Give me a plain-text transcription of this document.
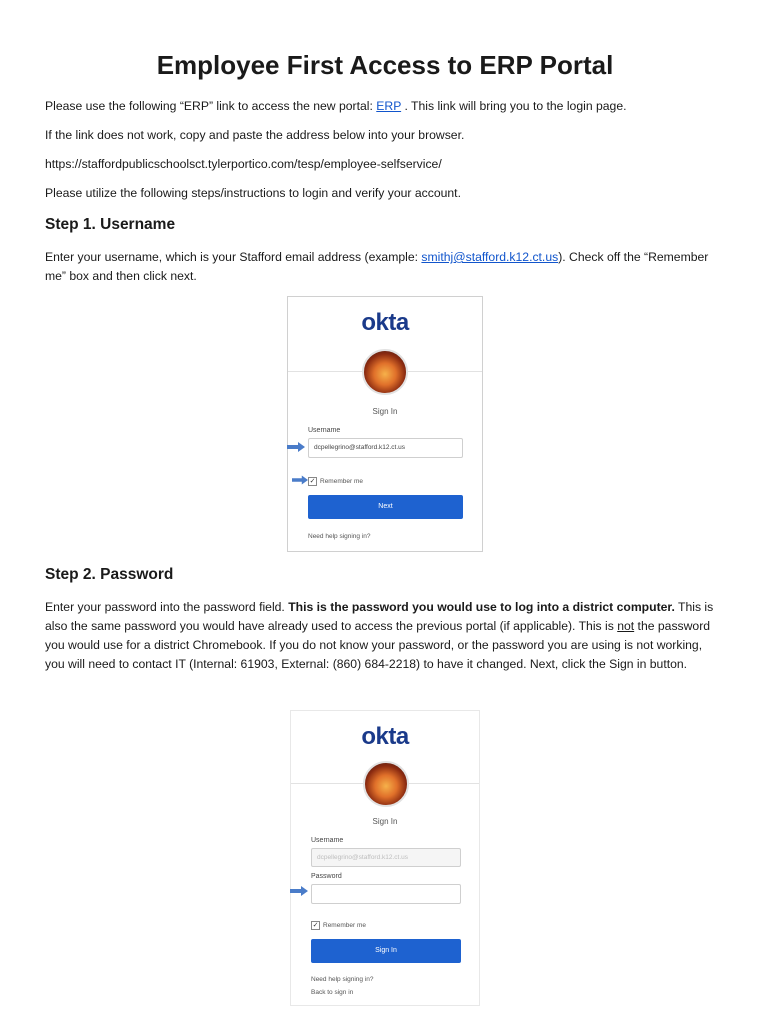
Employee First Access to ERP Portal

Please use the following “ERP” link to access the new portal: ERP . This link will bring you to the login page.

If the link does not work, copy and paste the address below into your browser.

https://staffordpublicschoolsct.tylerportico.com/tesp/employee-selfservice/

Please utilize the following steps/instructions to login and verify your account.

Step 1. Username

Enter your username, which is your Stafford email address (example: smithj@stafford.k12.ct.us). Check off the “Remember me” box and then click next.

Step 2. Password

Enter your password into the password field. This is the password you would use to log into a district computer. This is also the same password you would have already used to access the previous portal (if applicable). This is not the password you would use for a district Chromebook. If you do not know your password, or the password you are using is not working, you will need to contact IT (Internal: 61903, External: (860) 684-2218) to have it changed. Next, click the Sign in button.

okta
Sign In
Username
dcpellegrino@stafford.k12.ct.us
✓ Remember me
Next
Need help signing in?
okta
Sign In
Username
dcpellegrino@stafford.k12.ct.us
Password
✓ Remember me
Sign In
Need help signing in?
Back to sign in
